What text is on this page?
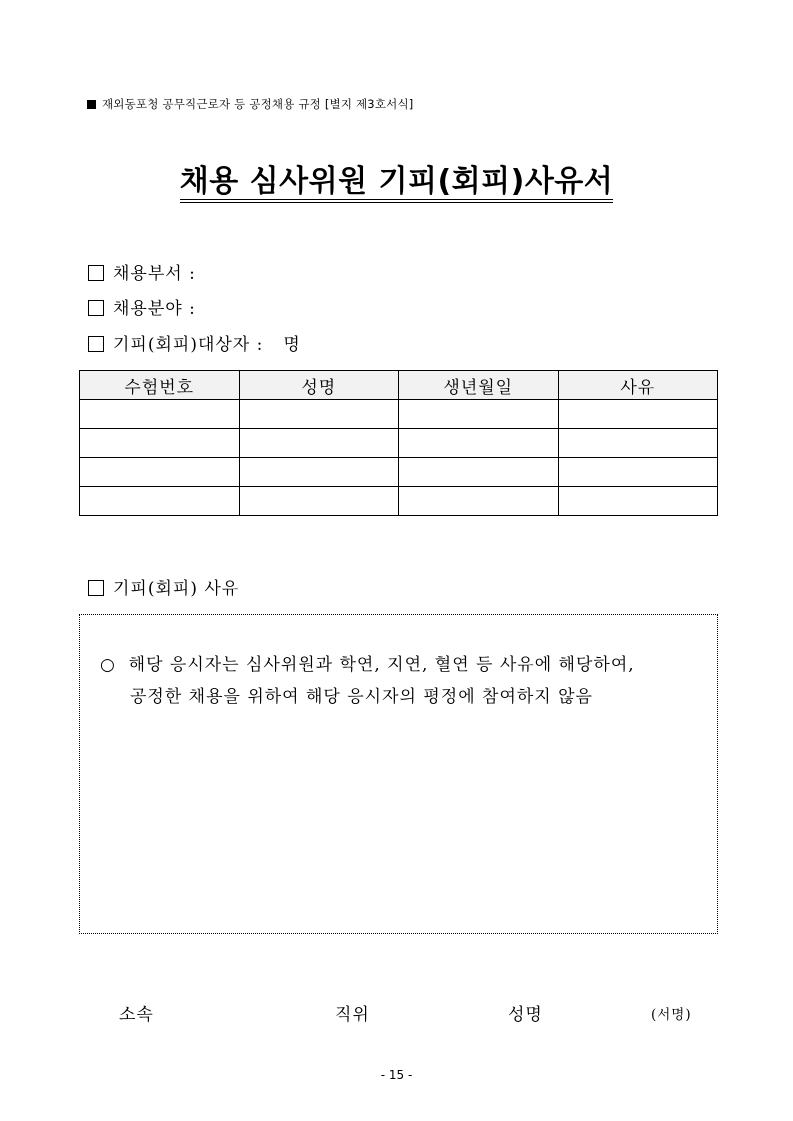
재외동포청 공무직근로자 등 공정채용 규정 [별지 제3호서식]
채용 심사위원 기피(회피)사유서
채용부서 :
채용분야 :
기피(회피)대상자 : 명
수험번호	성명	생년월일	사유

기피(회피) 사유
○ 해당 응시자는 심사위원과 학연, 지연, 혈연 등 사유에 해당하여,
공정한 채용을 위하여 해당 응시자의 평정에 참여하지 않음
소속	직위	성명	(서명)
- 15 -
